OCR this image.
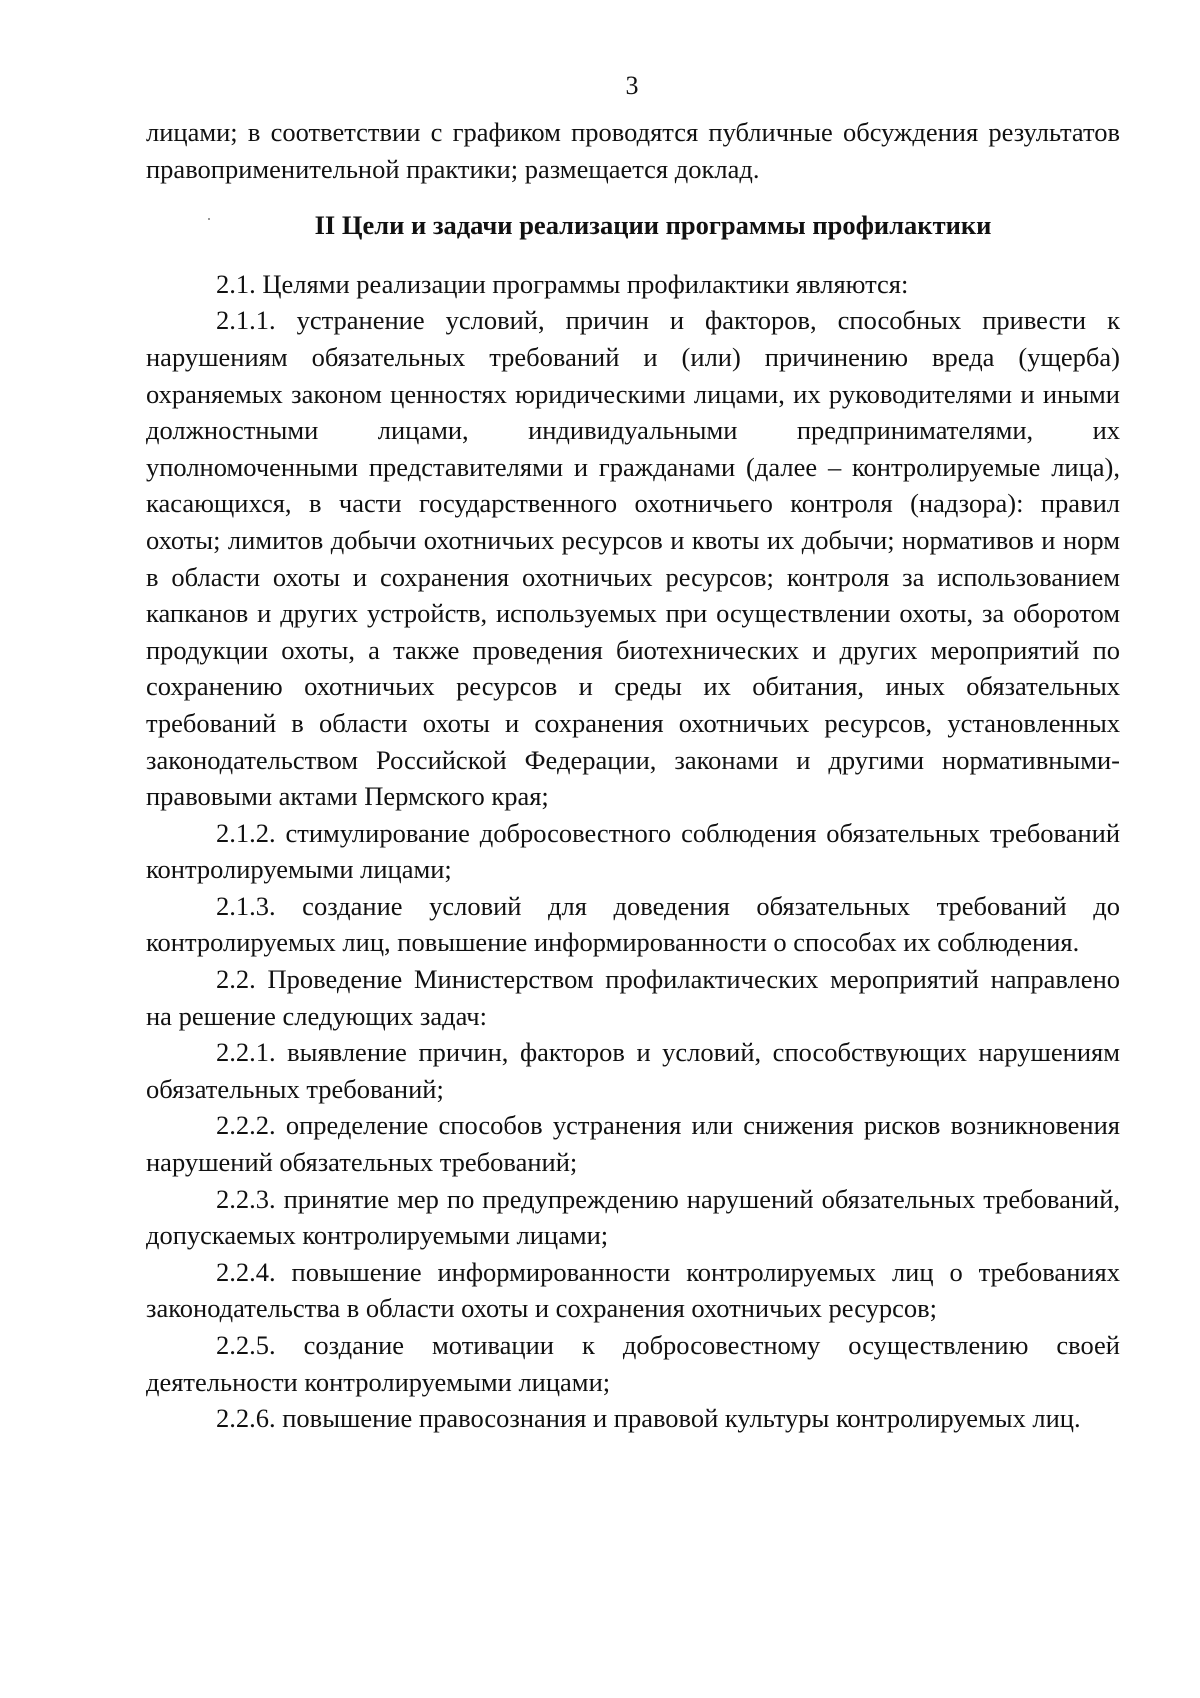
3

лицами; в соответствии с графиком проводятся публичные обсуждения результатов правоприменительной практики; размещается доклад.

II Цели и задачи реализации программы профилактики

2.1. Целями реализации программы профилактики являются:

2.1.1. устранение условий, причин и факторов, способных привести к нарушениям обязательных требований и (или) причинению вреда (ущерба) охраняемых законом ценностях юридическими лицами, их руководителями и иными должностными лицами, индивидуальными предпринимателями, их уполномоченными представителями и гражданами (далее – контролируемые лица), касающихся, в части государственного охотничьего контроля (надзора): правил охоты; лимитов добычи охотничьих ресурсов и квоты их добычи; нормативов и норм в области охоты и сохранения охотничьих ресурсов; контроля за использованием капканов и других устройств, используемых при осуществлении охоты, за оборотом продукции охоты, а также проведения биотехнических и других мероприятий по сохранению охотничьих ресурсов и среды их обитания, иных обязательных требований в области охоты и сохранения охотничьих ресурсов, установленных законодательством Российской Федерации, законами и другими нормативными-правовыми актами Пермского края;

2.1.2. стимулирование добросовестного соблюдения обязательных требований контролируемыми лицами;

2.1.3. создание условий для доведения обязательных требований до контролируемых лиц, повышение информированности о способах их соблюдения.

2.2. Проведение Министерством профилактических мероприятий направлено на решение следующих задач:

2.2.1. выявление причин, факторов и условий, способствующих нарушениям обязательных требований;

2.2.2. определение способов устранения или снижения рисков возникновения нарушений обязательных требований;

2.2.3. принятие мер по предупреждению нарушений обязательных требований, допускаемых контролируемыми лицами;

2.2.4. повышение информированности контролируемых лиц о требованиях законодательства в области охоты и сохранения охотничьих ресурсов;

2.2.5. создание мотивации к добросовестному осуществлению своей деятельности контролируемыми лицами;

2.2.6. повышение правосознания и правовой культуры контролируемых лиц.
